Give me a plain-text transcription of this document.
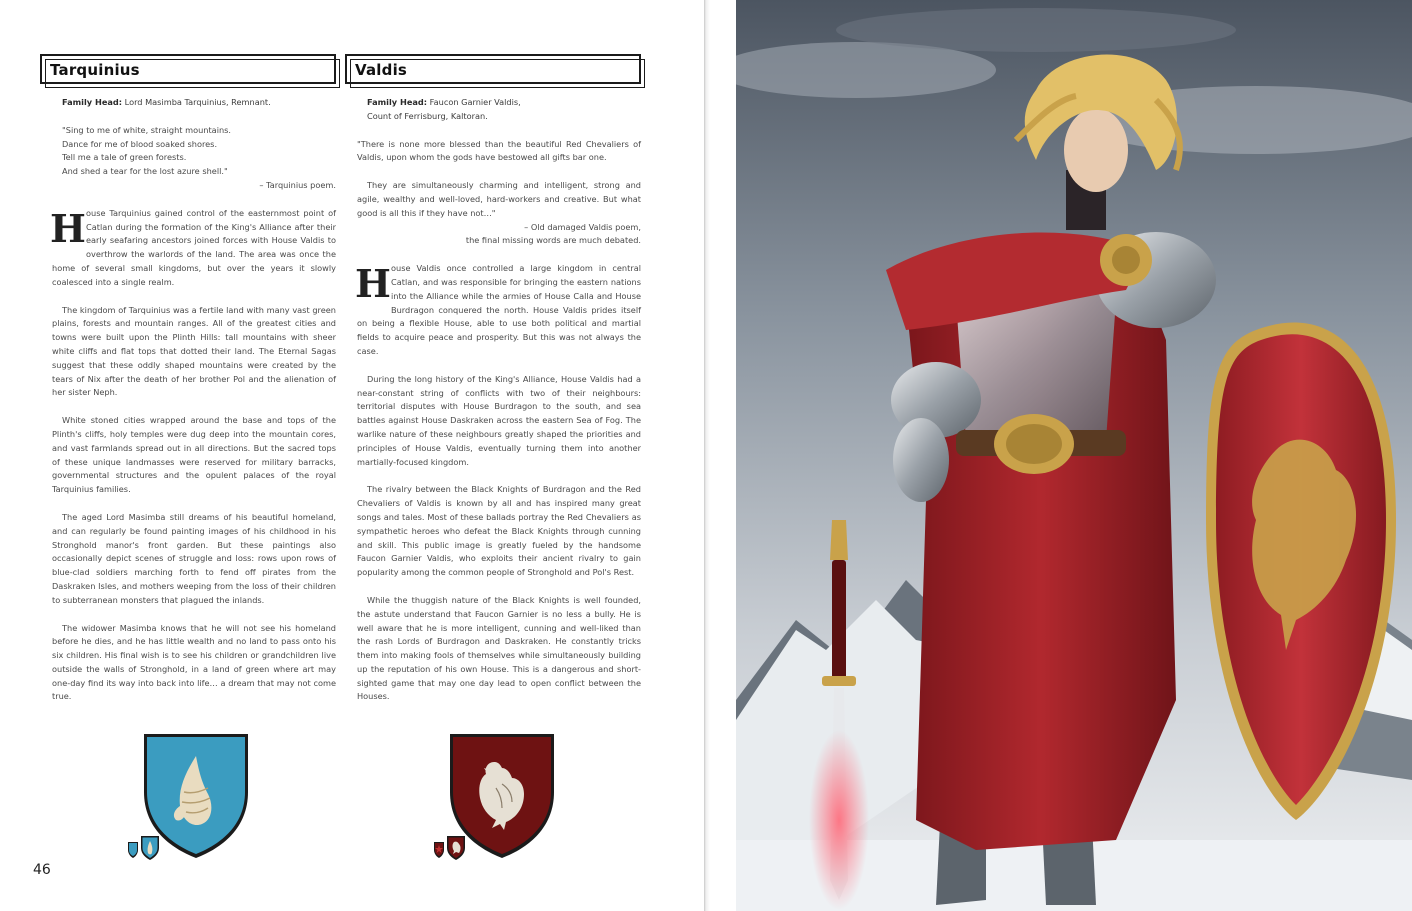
Tarquinius
Family Head: Lord Masimba Tarquinius, Remnant.
"Sing to me of white, straight mountains.
Dance for me of blood soaked shores.
Tell me a tale of green forests.
And shed a tear for the lost azure shell."
– Tarquinius poem.
House Tarquinius gained control of the easternmost point of Catlan during the formation of the King's Alliance after their early seafaring ancestors joined forces with House Valdis to overthrow the warlords of the land. The area was once the home of several small kingdoms, but over the years it slowly coalesced into a single realm.
The kingdom of Tarquinius was a fertile land with many vast green plains, forests and mountain ranges. All of the greatest cities and towns were built upon the Plinth Hills: tall mountains with sheer white cliffs and flat tops that dotted their land. The Eternal Sagas suggest that these oddly shaped mountains were created by the tears of Nix after the death of her brother Pol and the alienation of her sister Neph.
White stoned cities wrapped around the base and tops of the Plinth's cliffs, holy temples were dug deep into the mountain cores, and vast farmlands spread out in all directions. But the sacred tops of these unique landmasses were reserved for military barracks, governmental structures and the opulent palaces of the royal Tarquinius families.
The aged Lord Masimba still dreams of his beautiful homeland, and can regularly be found painting images of his childhood in his Stronghold manor's front garden. But these paintings also occasionally depict scenes of struggle and loss: rows upon rows of blue-clad soldiers marching forth to fend off pirates from the Daskraken Isles, and mothers weeping from the loss of their children to subterranean monsters that plagued the inlands.
The widower Masimba knows that he will not see his homeland before he dies, and he has little wealth and no land to pass onto his six children. His final wish is to see his children or grandchildren live outside the walls of Stronghold, in a land of green where art may one-day find its way into back into life… a dream that may not come true.
Valdis
Family Head: Faucon Garnier Valdis,
Count of Ferrisburg, Kaltoran.
"There is none more blessed than the beautiful Red Chevaliers of Valdis, upon whom the gods have bestowed all gifts bar one.
They are simultaneously charming and intelligent, strong and agile, wealthy and well-loved, hard-workers and creative. But what good is all this if they have not…"
– Old damaged Valdis poem,
the final missing words are much debated.
House Valdis once controlled a large kingdom in central Catlan, and was responsible for bringing the eastern nations into the Alliance while the armies of House Calla and House Burdragon conquered the north. House Valdis prides itself on being a flexible House, able to use both political and martial fields to acquire peace and prosperity. But this was not always the case.
During the long history of the King's Alliance, House Valdis had a near-constant string of conflicts with two of their neighbours: territorial disputes with House Burdragon to the south, and sea battles against House Daskraken across the eastern Sea of Fog. The warlike nature of these neighbours greatly shaped the priorities and principles of House Valdis, eventually turning them into another martially-focused kingdom.
The rivalry between the Black Knights of Burdragon and the Red Chevaliers of Valdis is known by all and has inspired many great songs and tales. Most of these ballads portray the Red Chevaliers as sympathetic heroes who defeat the Black Knights through cunning and skill. This public image is greatly fueled by the handsome Faucon Garnier Valdis, who exploits their ancient rivalry to gain popularity among the common people of Stronghold and Pol's Rest.
While the thuggish nature of the Black Knights is well founded, the astute understand that Faucon Garnier is no less a bully. He is well aware that he is more intelligent, cunning and well-liked than the rash Lords of Burdragon and Daskraken. He constantly tricks them into making fools of themselves while simultaneously building up the reputation of his own House. This is a dangerous and short-sighted game that may one day lead to open conflict between the Houses.
46
